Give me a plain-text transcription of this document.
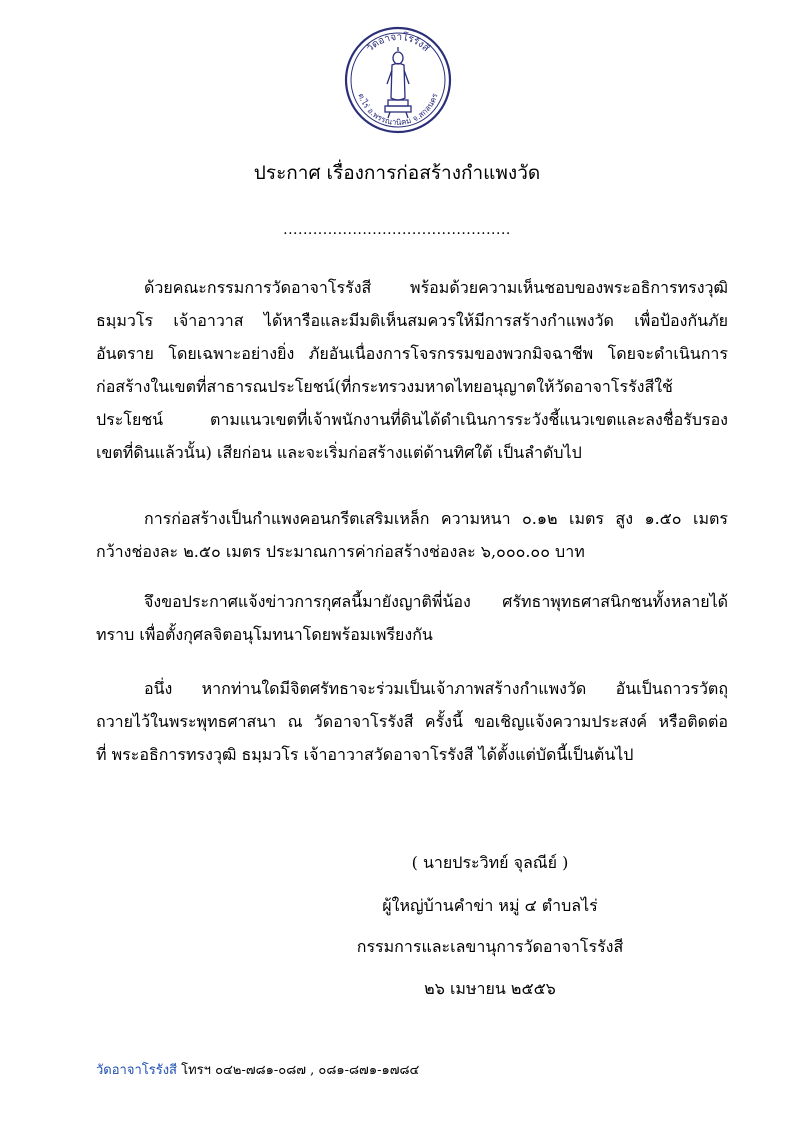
วัดอาจาโรรังสี
ต.ไร่ อ.พรรณานิคม จ.สกลนคร
ประกาศ เรื่องการก่อสร้างกำแพงวัด
..............................................

ด้วยคณะกรรมการวัดอาจาโรรังสี พร้อมด้วยความเห็นชอบของพระอธิการทรงวุฒิ
ธมฺมวโร เจ้าอาวาส ได้หารือและมีมติเห็นสมควรให้มีการสร้างกำแพงวัด เพื่อป้องกันภัย
อันตราย โดยเฉพาะอย่างยิ่ง ภัยอันเนื่องการโจรกรรมของพวกมิจฉาชีพ โดยจะดำเนินการ
ก่อสร้างในเขตที่สาธารณประโยชน์(ที่กระทรวงมหาดไทยอนุญาตให้วัดอาจาโรรังสีใช้
ประโยชน์ ตามแนวเขตที่เจ้าพนักงานที่ดินได้ดำเนินการระวังชี้แนวเขตและลงชื่อรับรอง
เขตที่ดินแล้วนั้น) เสียก่อน และจะเริ่มก่อสร้างแต่ด้านทิศใต้ เป็นลำดับไป

การก่อสร้างเป็นกำแพงคอนกรีตเสริมเหล็ก ความหนา ๐.๑๒ เมตร สูง ๑.๕๐ เมตร
กว้างช่องละ ๒.๕๐ เมตร ประมาณการค่าก่อสร้างช่องละ ๖,๐๐๐.๐๐ บาท

จึงขอประกาศแจ้งข่าวการกุศลนี้มายังญาติพี่น้อง ศรัทธาพุทธศาสนิกชนทั้งหลายได้
ทราบ เพื่อตั้งกุศลจิตอนุโมทนาโดยพร้อมเพรียงกัน

อนึ่ง หากท่านใดมีจิตศรัทธาจะร่วมเป็นเจ้าภาพสร้างกำแพงวัด อันเป็นถาวรวัตถุ
ถวายไว้ในพระพุทธศาสนา ณ วัดอาจาโรรังสี ครั้งนี้ ขอเชิญแจ้งความประสงค์ หรือติดต่อ
ที่ พระอธิการทรงวุฒิ ธมฺมวโร เจ้าอาวาสวัดอาจาโรรังสี ได้ตั้งแต่บัดนี้เป็นต้นไป

( นายประวิทย์ จุลณีย์ )
ผู้ใหญ่บ้านคำข่า หมู่ ๔ ตำบลไร่
กรรมการและเลขานุการวัดอาจาโรรังสี
๒๖ เมษายน ๒๕๕๖
วัดอาจาโรรังสี โทรฯ ๐๔๒-๗๘๑-๐๘๗ , ๐๘๑-๘๗๑-๑๗๘๔
